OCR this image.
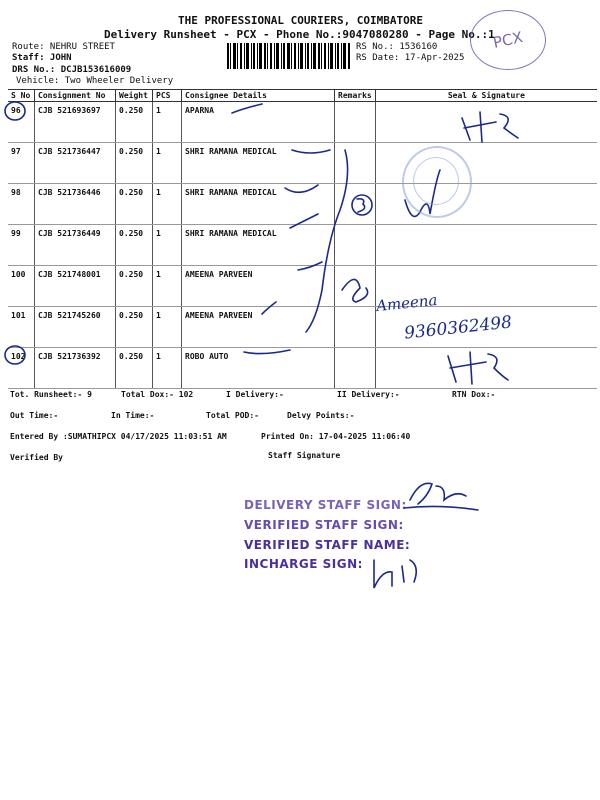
THE PROFESSIONAL COURIERS, COIMBATORE
Delivery Runsheet - PCX - Phone No.:9047080280 - Page No.:1
Route: NEHRU STREET
Staff: JOHN
DRS No.: DCJB153616009
Vehicle: Two Wheeler Delivery
RS No.: 1536160
RS Date: 17-Apr-2025
PCX
S No	Consignment No	Weight	PCS	Consignee Details	Remarks	Seal & Signature

96	CJB 521693697	0.250	1	APARNA		

97	CJB 521736447	0.250	1	SHRI RAMANA MEDICAL		

98	CJB 521736446	0.250	1	SHRI RAMANA MEDICAL		

99	CJB 521736449	0.250	1	SHRI RAMANA MEDICAL		

100	CJB 521748001	0.250	1	AMEENA PARVEEN		

101	CJB 521745260	0.250	1	AMEENA PARVEEN		

102	CJB 521736392	0.250	1	ROBO AUTO		

Ameena
9360362498
Tot. Runsheet:- 9	Total Dox:- 102	I Delivery:-	II Delivery:-	RTN Dox:-
Out Time:-	In Time:-	Total POD:-	Delvy Points:-
Entered By :SUMATHIPCX 04/17/2025 11:03:51 AM	Printed On: 17-04-2025 11:06:40
Verified By	Staff Signature
DELIVERY STAFF SIGN:
VERIFIED STAFF SIGN:
VERIFIED STAFF NAME:
INCHARGE SIGN:
